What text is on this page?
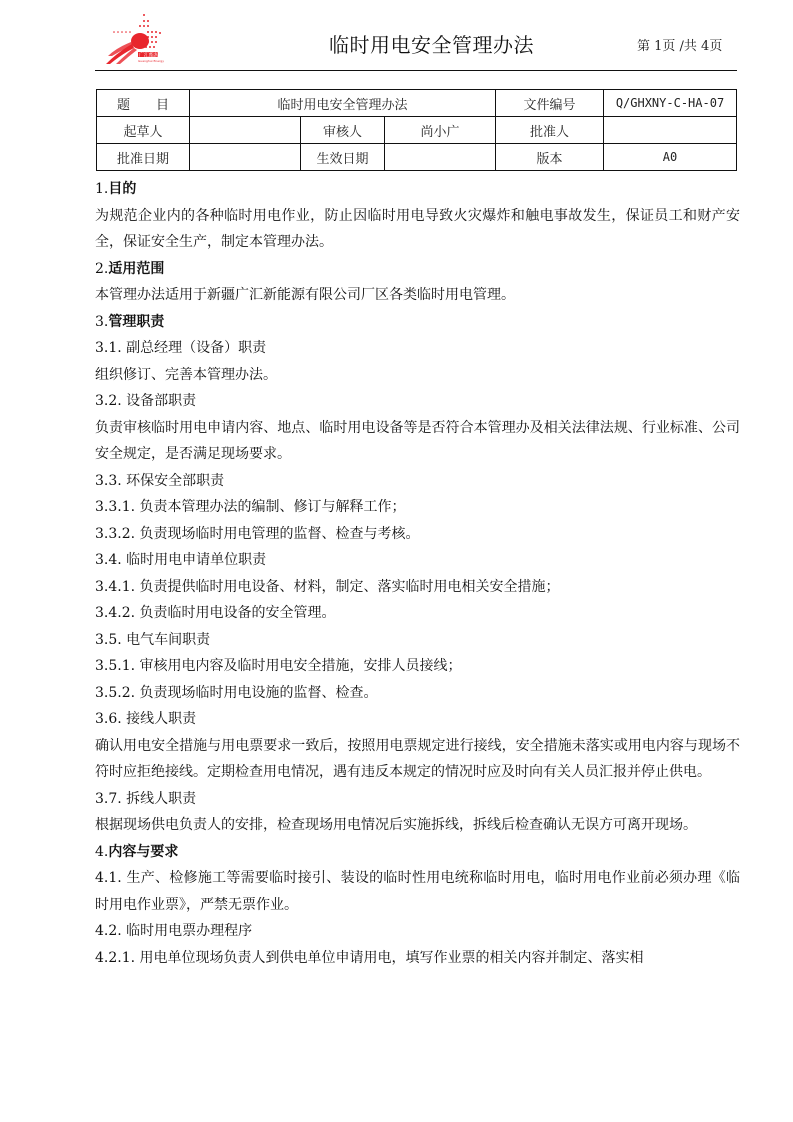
广汇能源
Guanghui Energy
临时用电安全管理办法	第 1页 /共 4页
题　　目	临时用电安全管理办法			文件编号	Q/GHXNY-C-HA-07
起草人		审核人	尚小广	批准人	
批准日期		生效日期		版本	A0

1.目的

为规范企业内的各种临时用电作业，防止因临时用电导致火灾爆炸和触电事故发生，保证员工和财产安全，保证安全生产，制定本管理办法。

2.适用范围

本管理办法适用于新疆广汇新能源有限公司厂区各类临时用电管理。

3.管理职责

3.1. 副总经理（设备）职责

组织修订、完善本管理办法。

3.2. 设备部职责

负责审核临时用电申请内容、地点、临时用电设备等是否符合本管理办及相关法律法规、行业标准、公司安全规定，是否满足现场要求。

3.3. 环保安全部职责

3.3.1. 负责本管理办法的编制、修订与解释工作；

3.3.2. 负责现场临时用电管理的监督、检查与考核。

3.4. 临时用电申请单位职责

3.4.1. 负责提供临时用电设备、材料，制定、落实临时用电相关安全措施；

3.4.2. 负责临时用电设备的安全管理。

3.5. 电气车间职责

3.5.1. 审核用电内容及临时用电安全措施，安排人员接线；

3.5.2. 负责现场临时用电设施的监督、检查。

3.6. 接线人职责

确认用电安全措施与用电票要求一致后，按照用电票规定进行接线，安全措施未落实或用电内容与现场不符时应拒绝接线。定期检查用电情况，遇有违反本规定的情况时应及时向有关人员汇报并停止供电。

3.7. 拆线人职责

根据现场供电负责人的安排，检查现场用电情况后实施拆线，拆线后检查确认无误方可离开现场。

4.内容与要求

4.1. 生产、检修施工等需要临时接引、装设的临时性用电统称临时用电，临时用电作业前必须办理《临时用电作业票》，严禁无票作业。

4.2. 临时用电票办理程序

4.2.1. 用电单位现场负责人到供电单位申请用电，填写作业票的相关内容并制定、落实相
